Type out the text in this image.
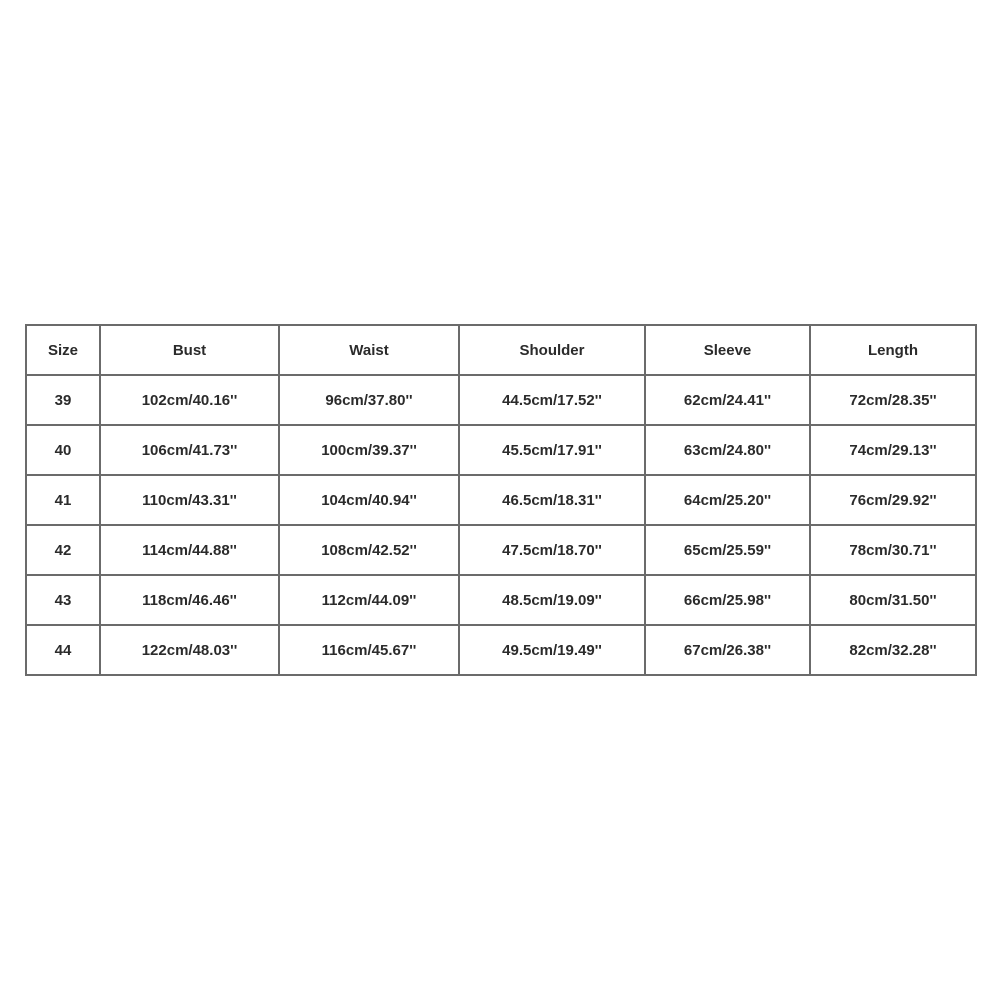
Size	Bust	Waist	Shoulder	Sleeve	Length
39	102cm/40.16''	96cm/37.80''	44.5cm/17.52''	62cm/24.41''	72cm/28.35''
40	106cm/41.73''	100cm/39.37''	45.5cm/17.91''	63cm/24.80''	74cm/29.13''
41	110cm/43.31''	104cm/40.94''	46.5cm/18.31''	64cm/25.20''	76cm/29.92''
42	114cm/44.88''	108cm/42.52''	47.5cm/18.70''	65cm/25.59''	78cm/30.71''
43	118cm/46.46''	112cm/44.09''	48.5cm/19.09''	66cm/25.98''	80cm/31.50''
44	122cm/48.03''	116cm/45.67''	49.5cm/19.49''	67cm/26.38''	82cm/32.28''
